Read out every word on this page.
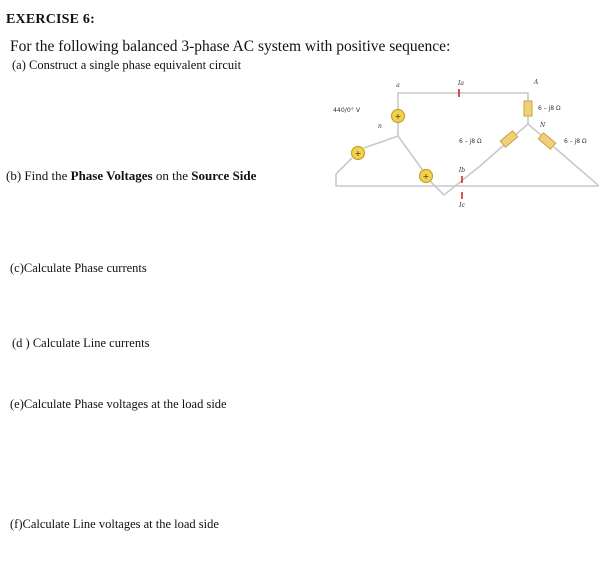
EXERCISE 6:
For the following balanced 3-phase AC system with positive sequence:
(a) Construct a single phase equivalent circuit
(b) Find the Phase Voltages on the Source Side
(c)Calculate Phase currents
(d ) Calculate Line currents
(e)Calculate Phase voltages at the load side
(f)Calculate Line voltages at the load side
+
+
+
a
440/0° V
n
Ia	A
6 – j8 Ω
N
6 – j8 Ω	6 – j8 Ω
Ib
Ic
